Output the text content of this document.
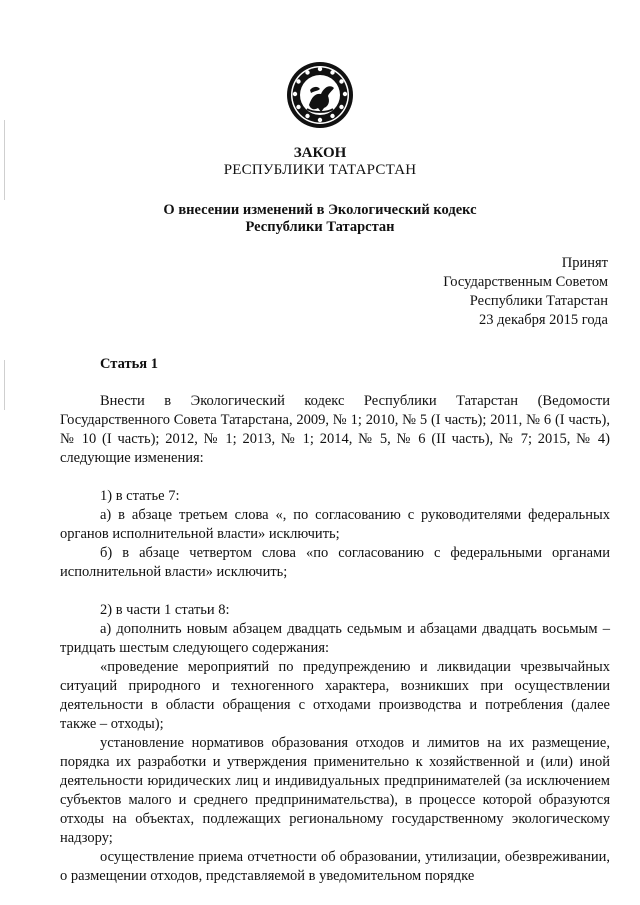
ЗАКОН
РЕСПУБЛИКИ ТАТАРСТАН
О внесении изменений в Экологический кодекс
Республики Татарстан
Принят
Государственным Советом
Республики Татарстан
23 декабря 2015 года
Статья 1

Внести в Экологический кодекс Республики Татарстан (Ведомости Государственного Совета Татарстана, 2009, № 1; 2010, № 5 (I часть); 2011, № 6 (I часть), № 10 (I часть); 2012, № 1; 2013, № 1; 2014, № 5, № 6 (II часть), № 7; 2015, № 4) следующие изменения:

1) в статье 7:

а) в абзаце третьем слова «, по согласованию с руководителями федеральных органов исполнительной власти» исключить;

б) в абзаце четвертом слова «по согласованию с федеральными органами исполнительной власти» исключить;

2) в части 1 статьи 8:

а) дополнить новым абзацем двадцать седьмым и абзацами двадцать восьмым – тридцать шестым следующего содержания:

«проведение мероприятий по предупреждению и ликвидации чрезвычайных ситуаций природного и техногенного характера, возникших при осуществлении деятельности в области обращения с отходами производства и потребления (далее также – отходы);

установление нормативов образования отходов и лимитов на их размещение, порядка их разработки и утверждения применительно к хозяйственной и (или) иной деятельности юридических лиц и индивидуальных предпринимателей (за исключением субъектов малого и среднего предпринимательства), в процессе которой образуются отходы на объектах, подлежащих региональному государственному экологическому надзору;

осуществление приема отчетности об образовании, утилизации, обезвреживании, о размещении отходов, представляемой в уведомительном порядке
